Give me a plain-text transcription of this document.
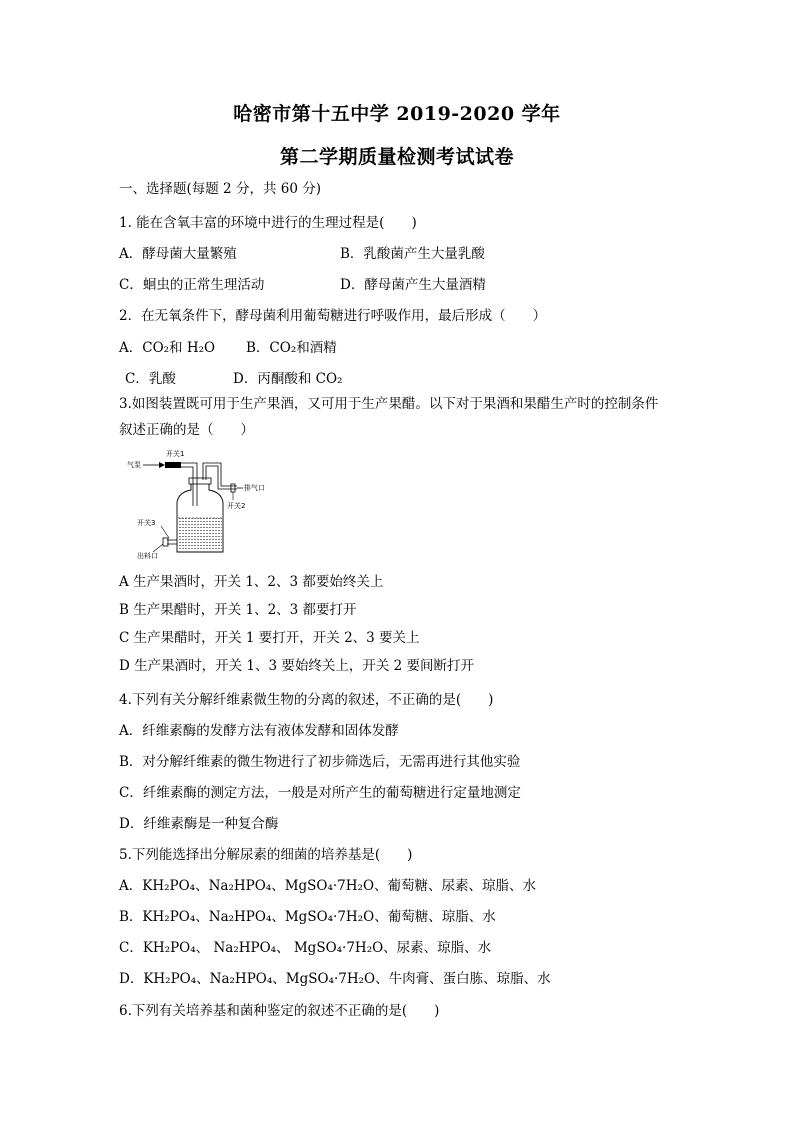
哈密市第十五中学 2019-2020 学年
第二学期质量检测考试试卷
一、选择题(每题 2 分，共 60 分)
1. 能在含氧丰富的环境中进行的生理过程是(　　)
A．酵母菌大量繁殖	B．乳酸菌产生大量乳酸
C．蛔虫的正常生理活动	D．酵母菌产生大量酒精
2．在无氧条件下，酵母菌利用葡萄糖进行呼吸作用，最后形成（　　）
A．CO₂和 H₂O B．CO₂和酒精
C．乳酸	D．丙酮酸和 CO₂
3.如图装置既可用于生产果酒，又可用于生产果醋。以下对于果酒和果醋生产时的控制条件
叙述正确的是（　　）
气泵
开关1
排气口
开关2
开关3
出料口
A 生产果酒时，开关 1、2、3 都要始终关上
B 生产果醋时，开关 1、2、3 都要打开
C 生产果醋时，开关 1 要打开，开关 2、3 要关上
D 生产果酒时，开关 1、3 要始终关上，开关 2 要间断打开
4.下列有关分解纤维素微生物的分离的叙述，不正确的是(　　)
A．纤维素酶的发酵方法有液体发酵和固体发酵
B．对分解纤维素的微生物进行了初步筛选后，无需再进行其他实验
C．纤维素酶的测定方法，一般是对所产生的葡萄糖进行定量地测定
D．纤维素酶是一种复合酶
5.下列能选择出分解尿素的细菌的培养基是(　　)
A．KH₂PO₄、Na₂HPO₄、MgSO₄·7H₂O、葡萄糖、尿素、琼脂、水
B．KH₂PO₄、Na₂HPO₄、MgSO₄·7H₂O、葡萄糖、琼脂、水
C．KH₂PO₄、 Na₂HPO₄、 MgSO₄·7H₂O、尿素、琼脂、水
D．KH₂PO₄、Na₂HPO₄、MgSO₄·7H₂O、牛肉膏、蛋白胨、琼脂、水
6.下列有关培养基和菌种鉴定的叙述不正确的是(　　)
